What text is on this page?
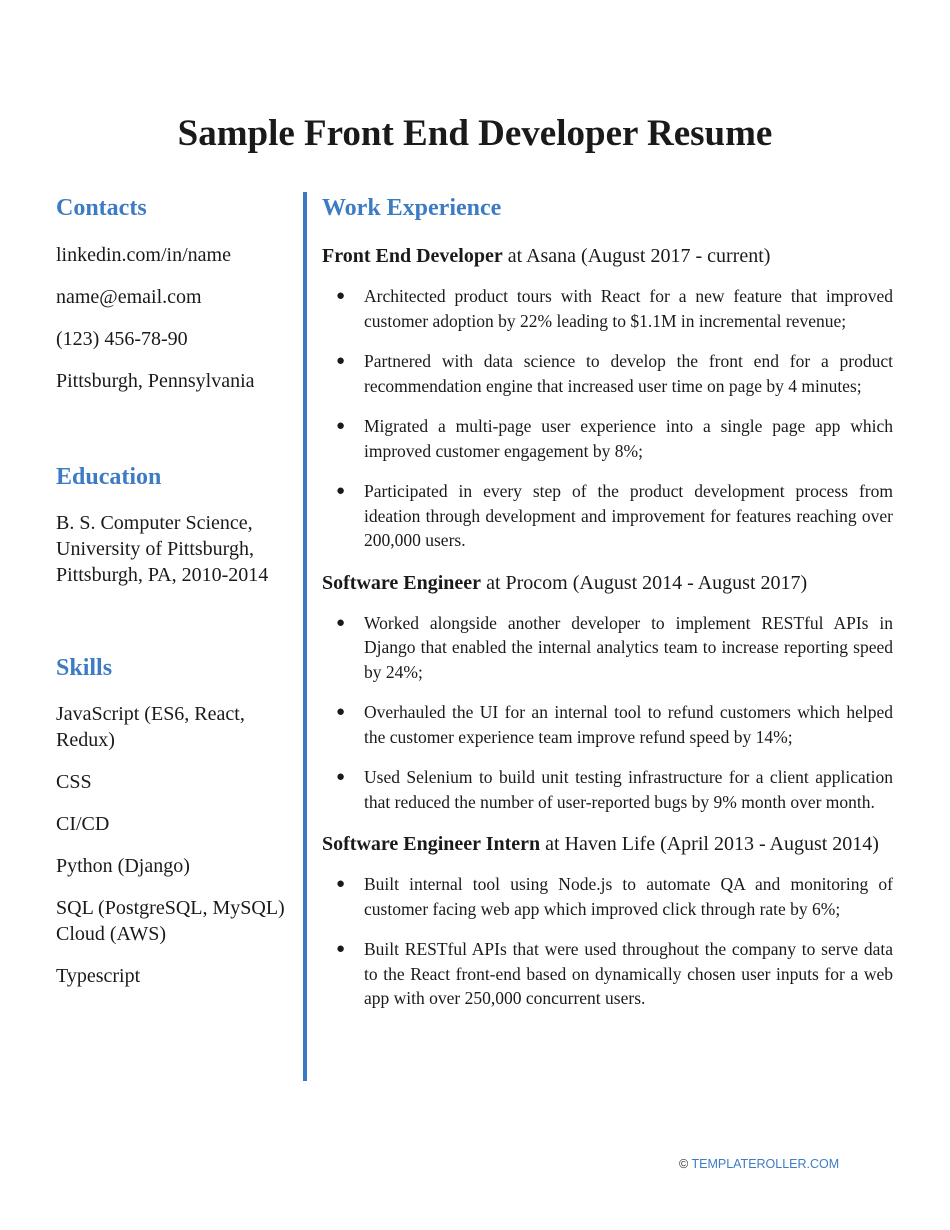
Sample Front End Developer Resume
Contacts

linkedin.com/in/name

name@email.com

(123) 456-78-90

Pittsburgh, Pennsylvania

Education

B. S. Computer Science,

University of Pittsburgh,

Pittsburgh, PA, 2010-2014

Skills

JavaScript (ES6, React,

Redux)

CSS

CI/CD

Python (Django)

SQL (PostgreSQL, MySQL)

Cloud (AWS)

Typescript

Work Experience

Front End Developer at Asana (August 2017 - current)

● Architected product tours with React for a new feature that improved customer adoption by 22% leading to $1.1M in incremental revenue;
● Partnered with data science to develop the front end for a product recommendation engine that increased user time on page by 4 minutes;
● Migrated a multi-page user experience into a single page app which improved customer engagement by 8%;
● Participated in every step of the product development process from ideation through development and improvement for features reaching over 200,000 users.

Software Engineer at Procom (August 2014 - August 2017)

● Worked alongside another developer to implement RESTful APIs in Django that enabled the internal analytics team to increase reporting speed by 24%;
● Overhauled the UI for an internal tool to refund customers which helped the customer experience team improve refund speed by 14%;
● Used Selenium to build unit testing infrastructure for a client application that reduced the number of user-reported bugs by 9% month over month.

Software Engineer Intern at Haven Life (April 2013 - August 2014)

● Built internal tool using Node.js to automate QA and monitoring of customer facing web app which improved click through rate by 6%;
● Built RESTful APIs that were used throughout the company to serve data to the React front-end based on dynamically chosen user inputs for a web app with over 250,000 concurrent users.
© TEMPLATEROLLER.COM
